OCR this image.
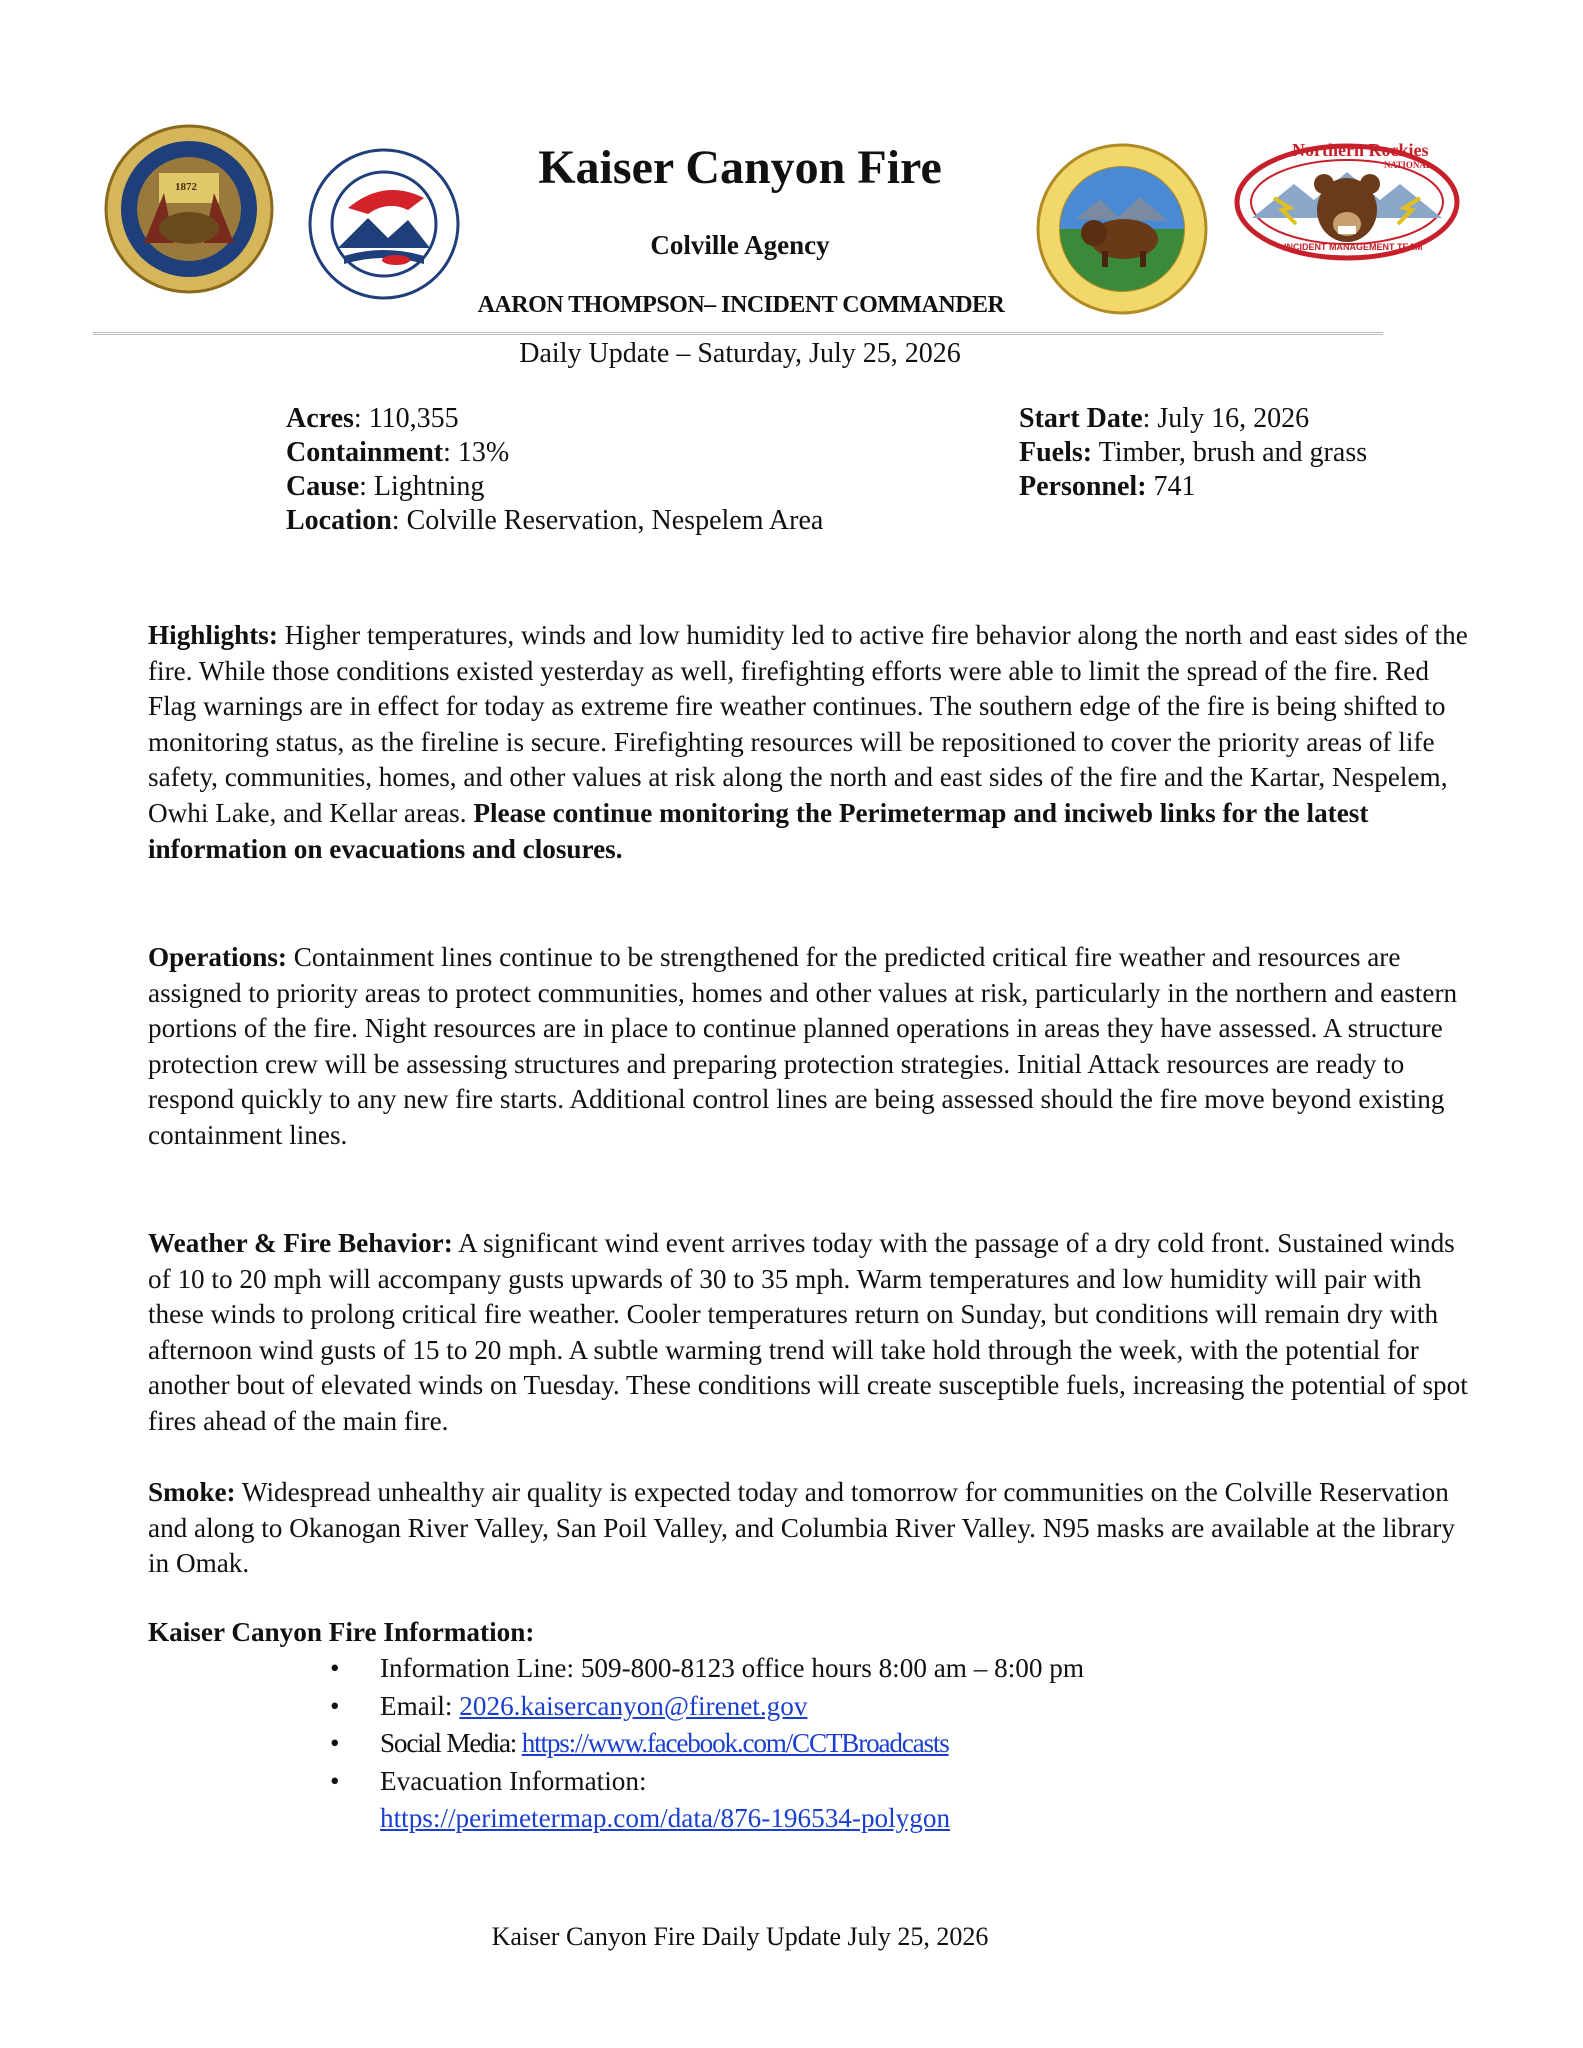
1872
Northern Rockies
NATIONAL
INCIDENT MANAGEMENT TEAM
Kaiser Canyon Fire
Colville Agency
AARON THOMPSON– INCIDENT COMMANDER
Daily Update – Saturday, July 25, 2026
Acres: 110,355
Containment: 13%
Cause: Lightning
Location: Colville Reservation, Nespelem Area
Start Date: July 16, 2026
Fuels: Timber, brush and grass
Personnel: 741
Highlights: Higher temperatures, winds and low humidity led to active fire behavior along the north and east sides of the fire. While those conditions existed yesterday as well, firefighting efforts were able to limit the spread of the fire. Red Flag warnings are in effect for today as extreme fire weather continues. The southern edge of the fire is being shifted to monitoring status, as the fireline is secure. Firefighting resources will be repositioned to cover the priority areas of life safety, communities, homes, and other values at risk along the north and east sides of the fire and the Kartar, Nespelem, Owhi Lake, and Kellar areas. Please continue monitoring the Perimetermap and inciweb links for the latest information on evacuations and closures.
Operations: Containment lines continue to be strengthened for the predicted critical fire weather and resources are assigned to priority areas to protect communities, homes and other values at risk, particularly in the northern and eastern portions of the fire. Night resources are in place to continue planned operations in areas they have assessed. A structure protection crew will be assessing structures and preparing protection strategies. Initial Attack resources are ready to respond quickly to any new fire starts. Additional control lines are being assessed should the fire move beyond existing containment lines.
Weather & Fire Behavior: A significant wind event arrives today with the passage of a dry cold front. Sustained winds of 10 to 20 mph will accompany gusts upwards of 30 to 35 mph. Warm temperatures and low humidity will pair with these winds to prolong critical fire weather. Cooler temperatures return on Sunday, but conditions will remain dry with afternoon wind gusts of 15 to 20 mph. A subtle warming trend will take hold through the week, with the potential for another bout of elevated winds on Tuesday. These conditions will create susceptible fuels, increasing the potential of spot fires ahead of the main fire.
Smoke: Widespread unhealthy air quality is expected today and tomorrow for communities on the Colville Reservation and along to Okanogan River Valley, San Poil Valley, and Columbia River Valley. N95 masks are available at the library in Omak.
Kaiser Canyon Fire Information:
• Information Line: 509-800-8123 office hours 8:00 am – 8:00 pm
• Email: 2026.kaisercanyon@firenet.gov
• Social Media: https://www.facebook.com/CCTBroadcasts
• Evacuation Information: https://perimetermap.com/data/876-196534-polygon
Kaiser Canyon Fire Daily Update July 25, 2026
